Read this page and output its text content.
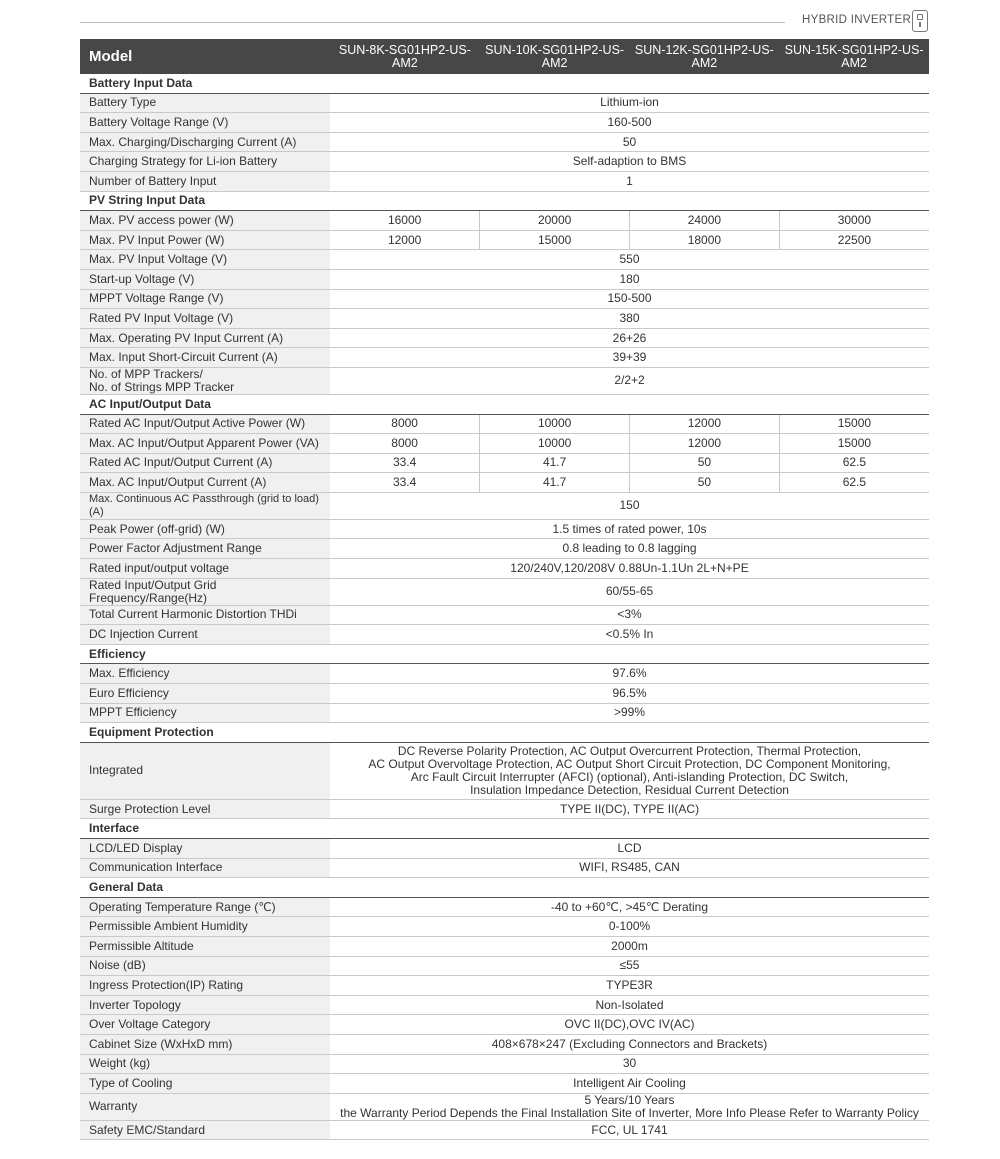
HYBRID INVERTER
Model	SUN-8K-SG01HP2-US-AM2	SUN-10K-SG01HP2-US-AM2	SUN-12K-SG01HP2-US-AM2	SUN-15K-SG01HP2-US-AM2
Battery Input Data				

Battery Type	Lithium-ion			

Battery Voltage Range (V)	160-500			

Max. Charging/Discharging Current (A)	50			

Charging Strategy for Li-ion Battery	Self-adaption to BMS			

Number of Battery Input	1			

PV String Input Data				

Max. PV access power (W)	16000	20000	24000	30000

Max. PV Input Power (W)	12000	15000	18000	22500

Max. PV Input Voltage (V)	550			

Start-up Voltage (V)	180			

MPPT Voltage Range (V)	150-500			

Rated PV Input Voltage (V)	380			

Max. Operating PV Input Current (A)	26+26			

Max. Input Short-Circuit Current (A)	39+39			

No. of MPP Trackers/
No. of Strings MPP Tracker	2/2+2			

AC Input/Output Data				

Rated AC Input/Output Active Power (W)	8000	10000	12000	15000

Max. AC Input/Output Apparent Power (VA)	8000	10000	12000	15000

Rated AC Input/Output Current (A)	33.4	41.7	50	62.5

Max. AC Input/Output Current (A)	33.4	41.7	50	62.5

Max. Continuous AC Passthrough (grid to load) (A)	150			

Peak Power (off-grid) (W)	1.5 times of rated power, 10s			

Power Factor Adjustment Range	0.8 leading to 0.8 lagging			

Rated input/output voltage	120/240V,120/208V 0.88Un-1.1Un 2L+N+PE			

Rated Input/Output Grid Frequency/Range(Hz)	60/55-65			

Total Current Harmonic Distortion THDi	<3%			

DC Injection Current	<0.5% In			

Efficiency				

Max. Efficiency	97.6%			

Euro Efficiency	96.5%			

MPPT Efficiency	>99%			

Equipment Protection				

Integrated	DC Reverse Polarity Protection, AC Output Overcurrent Protection, Thermal Protection,
AC Output Overvoltage Protection, AC Output Short Circuit Protection, DC Component Monitoring,
Arc Fault Circuit Interrupter (AFCI) (optional), Anti-islanding Protection, DC Switch,
Insulation Impedance Detection, Residual Current Detection			

Surge Protection Level	TYPE II(DC), TYPE II(AC)			

Interface				

LCD/LED Display	LCD			

Communication Interface	WIFI, RS485, CAN			

General Data				

Operating Temperature Range (℃)	-40 to +60℃, >45℃ Derating			

Permissible Ambient Humidity	0-100%			

Permissible Altitude	2000m			

Noise (dB)	≤55			

Ingress Protection(IP) Rating	TYPE3R			

Inverter Topology	Non-Isolated			

Over Voltage Category	OVC II(DC),OVC IV(AC)			

Cabinet Size (WxHxD mm)	408×678×247 (Excluding Connectors and Brackets)			

Weight (kg)	30			

Type of Cooling	Intelligent Air Cooling			

Warranty	5 Years/10 Years
the Warranty Period Depends the Final Installation Site of Inverter, More Info Please Refer to Warranty Policy			

Safety EMC/Standard	FCC, UL 1741			
